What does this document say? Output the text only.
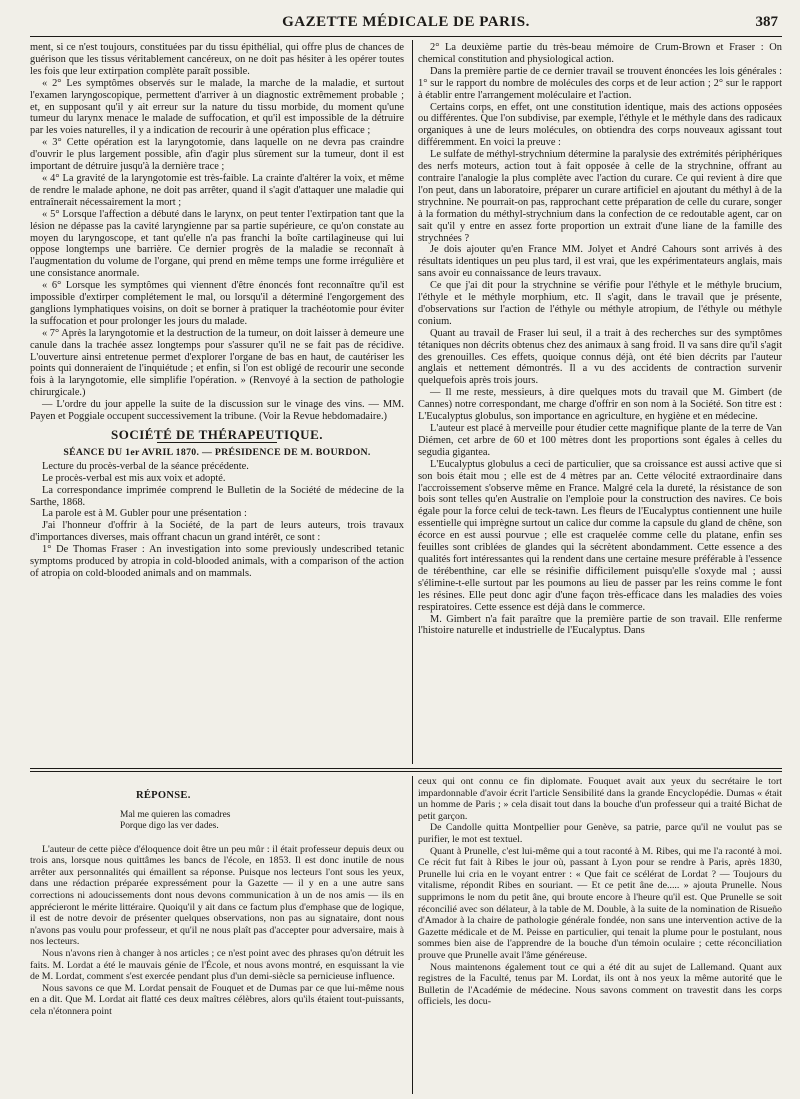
GAZETTE MÉDICALE DE PARIS.	387

ment, si ce n'est toujours, constituées par du tissu épithélial, qui offre plus de chances de guérison que les tissus véritablement cancéreux, on ne doit pas hésiter à les opérer toutes les fois que leur extirpation complète paraît possible.

« 2° Les symptômes observés sur le malade, la marche de la maladie, et surtout l'examen laryngoscopique, permettent d'arriver à un diagnostic extrêmement probable ; et, en supposant qu'il y ait erreur sur la nature du tissu morbide, du moment qu'une tumeur du larynx menace le malade de suffocation, et qu'il est impossible de la détruire par les voies naturelles, il y a indication de recourir à une opération plus efficace ;

« 3° Cette opération est la laryngotomie, dans laquelle on ne devra pas craindre d'ouvrir le plus largement possible, afin d'agir plus sûrement sur la tumeur, dont il est important de détruire jusqu'à la dernière trace ;

« 4° La gravité de la laryngotomie est très-faible. La crainte d'altérer la voix, et même de rendre le malade aphone, ne doit pas arrêter, quand il s'agit d'attaquer une maladie qui entraînerait nécessairement la mort ;

« 5° Lorsque l'affection a débuté dans le larynx, on peut tenter l'extirpation tant que la lésion ne dépasse pas la cavité laryngienne par sa partie supérieure, ce qu'on constate au moyen du laryngoscope, et tant qu'elle n'a pas franchi la boîte cartilagineuse qui lui oppose longtemps une barrière. Ce dernier progrès de la maladie se reconnaît à l'augmentation du volume de l'organe, qui prend en même temps une forme irrégulière et une consistance anormale.

« 6° Lorsque les symptômes qui viennent d'être énoncés font reconnaître qu'il est impossible d'extirper complétement le mal, ou lorsqu'il a déterminé l'engorgement des ganglions lymphatiques voisins, on doit se borner à pratiquer la trachéotomie pour éviter la suffocation et pour prolonger les jours du malade.

« 7° Après la laryngotomie et la destruction de la tumeur, on doit laisser à demeure une canule dans la trachée assez longtemps pour s'assurer qu'il ne se fait pas de récidive. L'ouverture ainsi entretenue permet d'explorer l'organe de bas en haut, de cautériser les points qui donneraient de l'inquiétude ; et enfin, si l'on est obligé de recourir une seconde fois à la laryngotomie, elle simplifie l'opération. » (Renvoyé à la section de pathologie chirurgicale.)

— L'ordre du jour appelle la suite de la discussion sur le vinage des vins. — MM. Payen et Poggiale occupent successivement la tribune. (Voir la Revue hebdomadaire.)

SOCIÉTÉ DE THÉRAPEUTIQUE.

SÉANCE DU 1er AVRIL 1870. — PRÉSIDENCE DE M. BOURDON.

Lecture du procès-verbal de la séance précédente.

Le procès-verbal est mis aux voix et adopté.

La correspondance imprimée comprend le Bulletin de la Société de médecine de la Sarthe, 1868.

La parole est à M. Gubler pour une présentation :

J'ai l'honneur d'offrir à la Société, de la part de leurs auteurs, trois travaux d'importances diverses, mais offrant chacun un grand intérêt, ce sont :

1° De Thomas Fraser : An investigation into some previously undescribed tetanic symptoms produced by atropia in cold-blooded animals, with a comparison of the action of atropia on cold-blooded animals and on mammals.

2° La deuxième partie du très-beau mémoire de Crum-Brown et Fraser : On chemical constitution and physiological action.

Dans la première partie de ce dernier travail se trouvent énoncées les lois générales : 1° sur le rapport du nombre de molécules des corps et de leur action ; 2° sur le rapport à établir entre l'arrangement moléculaire et l'action.

Certains corps, en effet, ont une constitution identique, mais des actions opposées ou différentes. Que l'on subdivise, par exemple, l'éthyle et le méthyle dans des radicaux organiques à une de leurs molécules, on obtiendra des corps nouveaux agissant tout différemment. En voici la preuve :

Le sulfate de méthyl-strychnium détermine la paralysie des extrémités périphériques des nerfs moteurs, action tout à fait opposée à celle de la strychnine, offrant au contraire l'analogie la plus complète avec l'action du curare. Ce qui revient à dire que l'on peut, dans un laboratoire, préparer un curare artificiel en ajoutant du méthyl à de la strychnine. Ne pourrait-on pas, rapprochant cette préparation de celle du curare, songer à la formation du méthyl-strychnium dans la confection de ce redoutable agent, car on sait qu'il y entre en assez forte proportion un extrait d'une liane de la famille des strychnées ?

Je dois ajouter qu'en France MM. Jolyet et André Cahours sont arrivés à des résultats identiques un peu plus tard, il est vrai, que les expérimentateurs anglais, mais sans avoir eu connaissance de leurs travaux.

Ce que j'ai dit pour la strychnine se vérifie pour l'éthyle et le méthyle brucium, l'éthyle et le méthyle morphium, etc. Il s'agit, dans le travail que je présente, d'observations sur l'action de l'éthyle ou méthyle atropium, de l'éthyle ou méthyle conium.

Quant au travail de Fraser lui seul, il a trait à des recherches sur des symptômes tétaniques non décrits obtenus chez des animaux à sang froid. Il va sans dire qu'il s'agit des grenouilles. Ces effets, quoique connus déjà, ont été bien décrits par l'auteur anglais et nettement démontrés. Il a vu des accidents de contraction survenir quelquefois après trois jours.

— Il me reste, messieurs, à dire quelques mots du travail que M. Gimbert (de Cannes) notre correspondant, me charge d'offrir en son nom à la Société. Son titre est : L'Eucalyptus globulus, son importance en agriculture, en hygiène et en médecine.

L'auteur est placé à merveille pour étudier cette magnifique plante de la terre de Van Diémen, cet arbre de 60 et 100 mètres dont les proportions sont égales à celles du segudia gigantea.

L'Eucalyptus globulus a ceci de particulier, que sa croissance est aussi active que si son bois était mou ; elle est de 4 mètres par an. Cette vélocité extraordinaire dans l'accroissement s'observe même en France. Malgré cela la dureté, la résistance de son bois sont telles qu'en Australie on l'emploie pour la construction des navires. Ce bois égale pour la force celui de teck-tawn. Les fleurs de l'Eucalyptus contiennent une huile essentielle qui imprègne surtout un calice dur comme la capsule du gland de chêne, son écorce en est aussi pourvue ; elle est craquelée comme celle du platane, enfin ses feuilles sont criblées de glandes qui la sécrètent abondamment. Cette essence a des qualités fort intéressantes qui la rendent dans une certaine mesure préférable à l'essence de térébenthine, car elle se résinifie difficilement puisqu'elle s'oxyde mal ; aussi s'élimine-t-elle surtout par les poumons au lieu de passer par les reins comme le font les résines. Elle peut donc agir d'une façon très-efficace dans les maladies des voies respiratoires. Cette essence est déjà dans le commerce.

M. Gimbert n'a fait paraître que la première partie de son travail. Elle renferme l'histoire naturelle et industrielle de l'Eucalyptus. Dans

RÉPONSE.

Mal me quieren las comadres

Porque digo las ver dades.

L'auteur de cette pièce d'éloquence doit être un peu mûr : il était professeur depuis deux ou trois ans, lorsque nous quittâmes les bancs de l'école, en 1853. Il est donc inutile de nous arrêter aux personnalités qui émaillent sa réponse. Puisque nos lecteurs l'ont sous les yeux, dans une rédaction préparée expressément pour la Gazette — il y en a une autre sans corrections ni adoucissements dont nous devons communication à un de nos amis — ils en apprécieront le mérite littéraire. Quoiqu'il y ait dans ce factum plus d'emphase que de logique, il est de notre devoir de présenter quelques observations, non pas au signataire, dont nous n'avons pas voulu pour professeur, et qu'il ne nous plaît pas d'accepter pour adversaire, mais à nos lecteurs.

Nous n'avons rien à changer à nos articles ; ce n'est point avec des phrases qu'on détruit les faits. M. Lordat a été le mauvais génie de l'École, et nous avons montré, en esquissant la vie de M. Lordat, comment s'est exercée pendant plus d'un demi-siècle sa pernicieuse influence.

Nous savons ce que M. Lordat pensait de Fouquet et de Dumas par ce que lui-même nous en a dit. Que M. Lordat ait flatté ces deux maîtres célèbres, alors qu'ils étaient tout-puissants, cela n'étonnera point

ceux qui ont connu ce fin diplomate. Fouquet avait aux yeux du secrétaire le tort impardonnable d'avoir écrit l'article Sensibilité dans la grande Encyclopédie. Dumas « était un homme de Paris ; » cela disait tout dans la bouche d'un professeur qui a traité Bichat de petit garçon.

De Candolle quitta Montpellier pour Genève, sa patrie, parce qu'il ne voulut pas se purifier, le mot est textuel.

Quant à Prunelle, c'est lui-même qui a tout raconté à M. Ribes, qui me l'a raconté à moi. Ce récit fut fait à Ribes le jour où, passant à Lyon pour se rendre à Paris, après 1830, Prunelle lui cria en le voyant entrer : « Que fait ce scélérat de Lordat ? — Toujours du vitalisme, répondit Ribes en souriant. — Et ce petit âne de..... » ajouta Prunelle. Nous supprimons le nom du petit âne, qui broute encore à l'heure qu'il est. Que Prunelle se soit réconcilié avec son délateur, à la table de M. Double, à la suite de la nomination de Risueño d'Amador à la chaire de pathologie générale fondée, non sans une intervention active de la Gazette médicale et de M. Peisse en particulier, qui tenait la plume pour le postulant, nous sommes bien aise de l'apprendre de la bouche d'un témoin oculaire ; cette réconciliation prouve que Prunelle avait l'âme généreuse.

Nous maintenons également tout ce qui a été dit au sujet de Lallemand. Quant aux registres de la Faculté, tenus par M. Lordat, ils ont à nos yeux la même autorité que le Bulletin de l'Académie de médecine. Nous savons comment on travestit dans les corps officiels, les docu-
